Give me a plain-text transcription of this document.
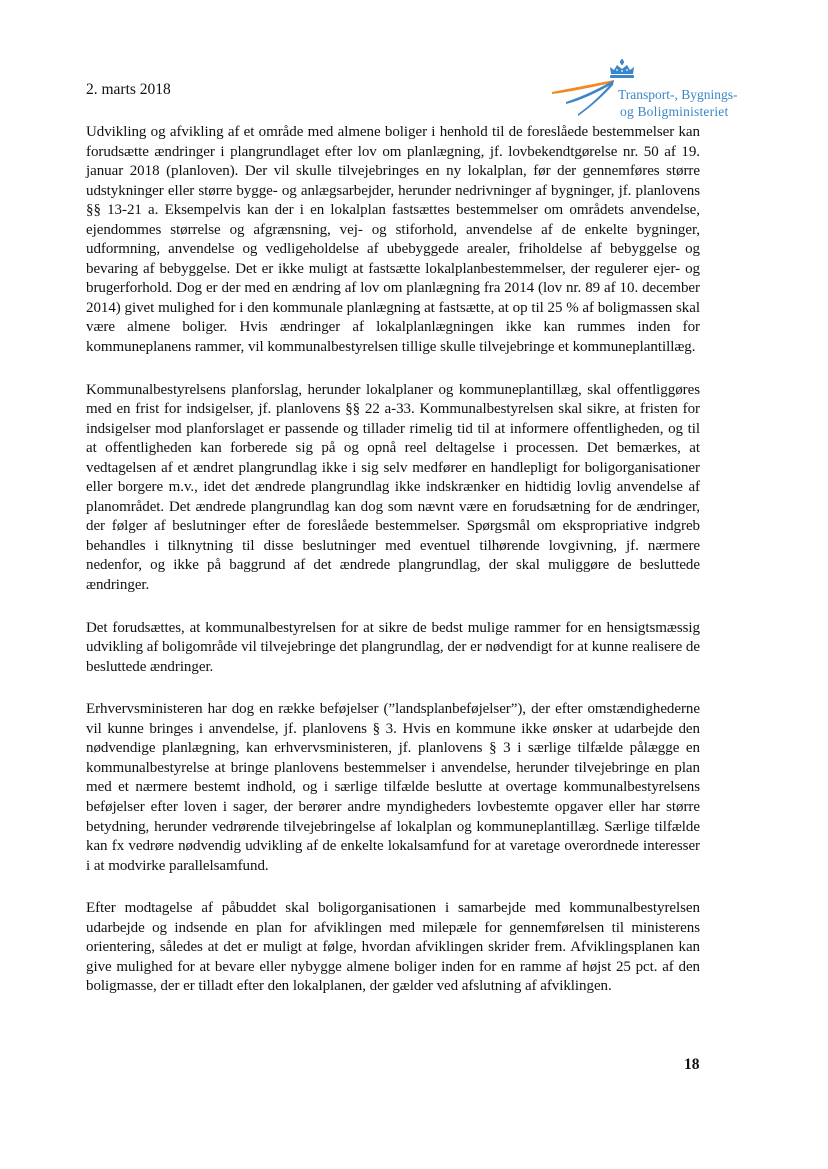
2. marts 2018	Transport-, Bygnings-
og Boligministeriet

Udvikling og afvikling af et område med almene boliger i henhold til de foreslåede bestemmelser kan forudsætte ændringer i plangrundlaget efter lov om planlægning, jf. lovbekendtgørelse nr. 50 af 19. januar 2018 (planloven). Der vil skulle tilvejebringes en ny lokalplan, før der gennemføres større udstykninger eller større bygge- og anlægsarbejder, herunder nedrivninger af bygninger, jf. planlovens §§ 13-21 a. Eksempelvis kan der i en lokalplan fastsættes bestemmelser om områdets anvendelse, ejendommes størrelse og afgrænsning, vej- og stiforhold, anvendelse af de enkelte bygninger, udformning, anvendelse og vedligeholdelse af ubebyggede arealer, friholdelse af bebyggelse og bevaring af bebyggelse. Det er ikke muligt at fastsætte lokalplanbestemmelser, der regulerer ejer- og brugerforhold. Dog er der med en ændring af lov om planlægning fra 2014 (lov nr. 89 af 10. december 2014) givet mulighed for i den kommunale planlægning at fastsætte, at op til 25 % af boligmassen skal være almene boliger. Hvis ændringer af lokalplanlægningen ikke kan rummes inden for kommuneplanens rammer, vil kommunalbestyrelsen tillige skulle tilvejebringe et kommuneplantillæg.

Kommunalbestyrelsens planforslag, herunder lokalplaner og kommuneplantillæg, skal offentliggøres med en frist for indsigelser, jf. planlovens §§ 22 a-33. Kommunalbestyrelsen skal sikre, at fristen for indsigelser mod planforslaget er passende og tillader rimelig tid til at informere offentligheden, og til at offentligheden kan forberede sig på og opnå reel deltagelse i processen. Det bemærkes, at vedtagelsen af et ændret plangrundlag ikke i sig selv medfører en handlepligt for boligorganisationer eller borgere m.v., idet det ændrede plangrundlag ikke indskrænker en hidtidig lovlig anvendelse af planområdet. Det ændrede plangrundlag kan dog som nævnt være en forudsætning for de ændringer, der følger af beslutninger efter de foreslåede bestemmelser. Spørgsmål om ekspropriative indgreb behandles i tilknytning til disse beslutninger med eventuel tilhørende lovgivning, jf. nærmere nedenfor, og ikke på baggrund af det ændrede plangrundlag, der skal muliggøre de besluttede ændringer.

Det forudsættes, at kommunalbestyrelsen for at sikre de bedst mulige rammer for en hensigtsmæssig udvikling af boligområde vil tilvejebringe det plangrundlag, der er nødvendigt for at kunne realisere de besluttede ændringer.

Erhvervsministeren har dog en række beføjelser (”landsplanbeføjelser”), der efter omstændighederne vil kunne bringes i anvendelse, jf. planlovens § 3. Hvis en kommune ikke ønsker at udarbejde den nødvendige planlægning, kan erhvervsministeren, jf. planlovens § 3 i særlige tilfælde pålægge en kommunalbestyrelse at bringe planlovens bestemmelser i anvendelse, herunder tilvejebringe en plan med et nærmere bestemt indhold, og i særlige tilfælde beslutte at overtage kommunalbestyrelsens beføjelser efter loven i sager, der berører andre myndigheders lovbestemte opgaver eller har større betydning, herunder vedrørende tilvejebringelse af lokalplan og kommuneplantillæg. Særlige tilfælde kan fx vedrøre nødvendig udvikling af de enkelte lokalsamfund for at varetage overordnede interesser i at modvirke parallelsamfund.

Efter modtagelse af påbuddet skal boligorganisationen i samarbejde med kommunalbestyrelsen udarbejde og indsende en plan for afviklingen med milepæle for gennemførelsen til ministerens orientering, således at det er muligt at følge, hvordan afviklingen skrider frem. Afviklingsplanen kan give mulighed for at bevare eller nybygge almene boliger inden for en ramme af højst 25 pct. af den boligmasse, der er tilladt efter den lokalplanen, der gælder ved afslutning af afviklingen.

18
